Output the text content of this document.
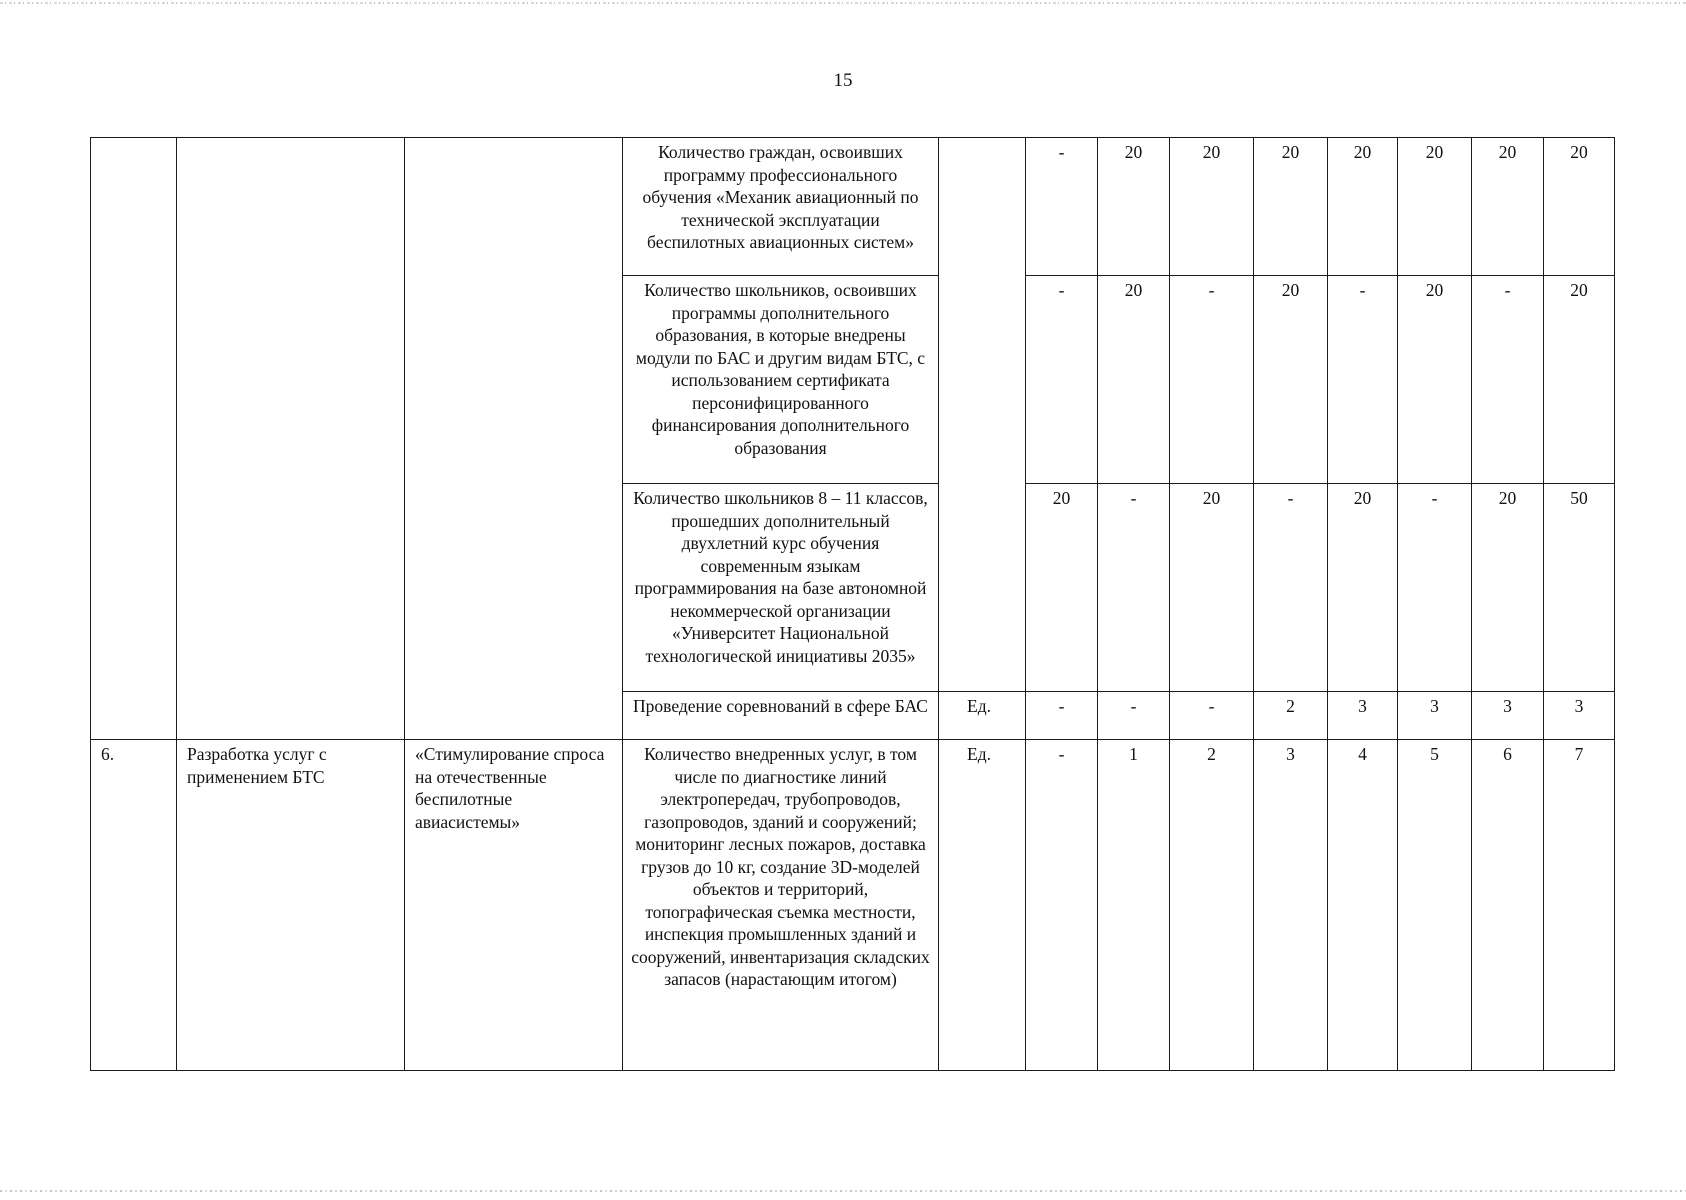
15
			Количество граждан, освоивших программу профессионального обучения «Механик авиационный по технической эксплуатации беспилотных авиационных систем»		-	20	20	20	20	20	20	20
			Количество школьников, освоивших программы дополнительного образования, в которые внедрены модули по БАС и другим видам БТС, с использованием сертификата персонифицированного финансирования дополнительного образования		-	20	-	20	-	20	-	20
			Количество школьников 8 – 11 классов, прошедших дополнительный двухлетний курс обучения современным языкам программирования на базе автономной некоммерческой организации «Университет Национальной технологической инициативы 2035»		20	-	20	-	20	-	20	50
			Проведение соревнований в сфере БАС	Ед.	-	-	-	2	3	3	3	3
6.	Разработка услуг с применением БТС	«Стимулирование спроса на отечественные беспилотные авиасистемы»	Количество внедренных услуг, в том числе по диагностике линий электропередач, трубопроводов, газопроводов, зданий и сооружений; мониторинг лесных пожаров, доставка грузов до 10 кг, создание 3D-моделей объектов и территорий, топографическая съемка местности, инспекция промышленных зданий и сооружений, инвентаризация складских запасов (нарастающим итогом)	Ед.	-	1	2	3	4	5	6	7
